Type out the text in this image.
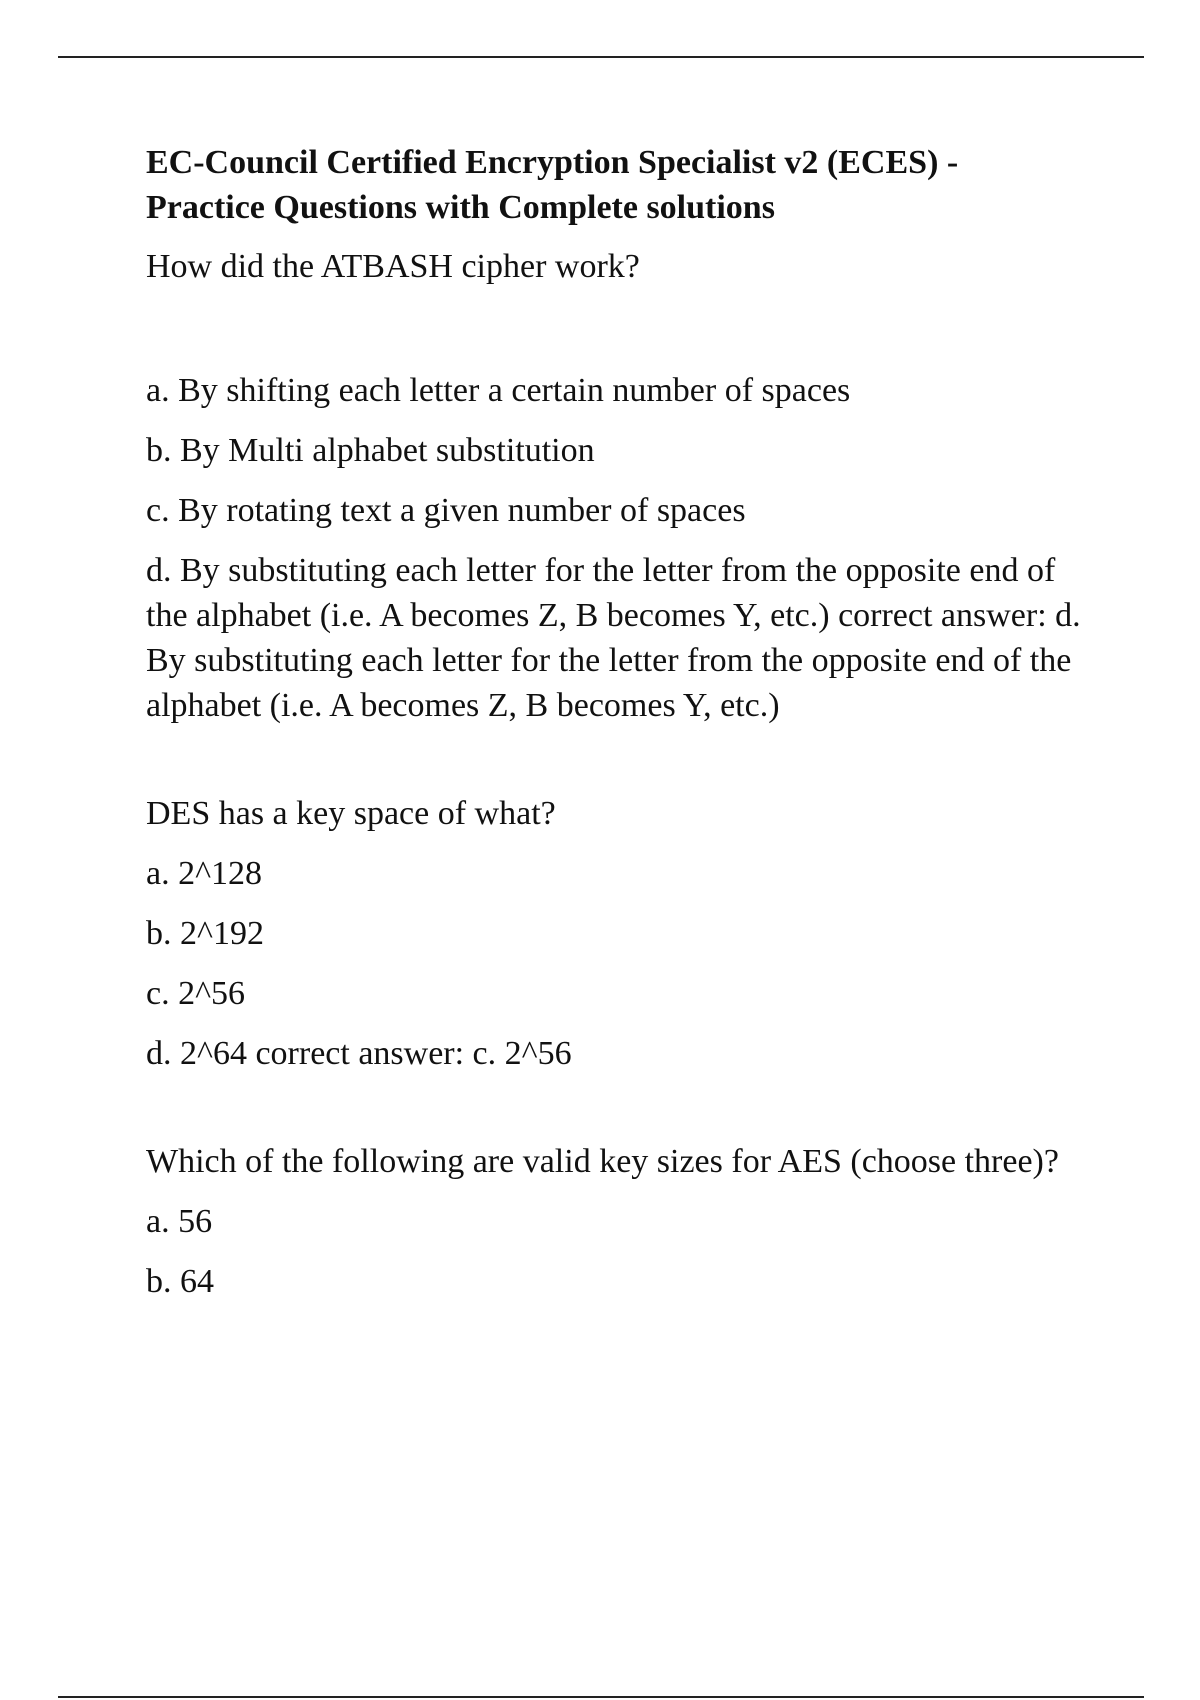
EC-Council Certified Encryption Specialist v2 (ECES) -
Practice Questions with Complete solutions

How did the ATBASH cipher work?

a. By shifting each letter a certain number of spaces
b. By Multi alphabet substitution
c. By rotating text a given number of spaces
d. By substituting each letter for the letter from the opposite end of the alphabet (i.e. A becomes Z, B becomes Y, etc.) correct answer: d. By substituting each letter for the letter from the opposite end of the alphabet (i.e. A becomes Z, B becomes Y, etc.)

DES has a key space of what?

a. 2^128
b. 2^192
c. 2^56
d. 2^64 correct answer: c. 2^56

Which of the following are valid key sizes for AES (choose three)?

a. 56
b. 64
